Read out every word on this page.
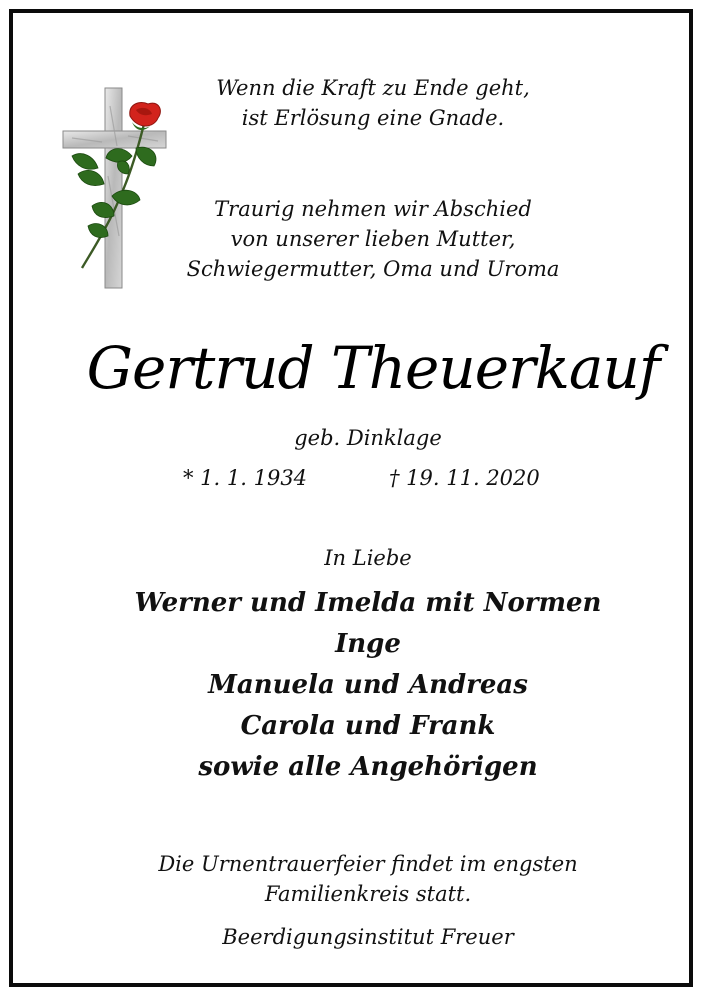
Wenn die Kraft zu Ende geht,
ist Erlösung eine Gnade.
Traurig nehmen wir Abschied
von unserer lieben Mutter,
Schwiegermutter, Oma und Uroma
Gertrud Theuerkauf
geb. Dinklage
* 1. 1. 1934	† 19. 11. 2020
In Liebe
Werner und Imelda mit Normen
Inge
Manuela und Andreas
Carola und Frank
sowie alle Angehörigen
Die Urnentrauerfeier findet im engsten
Familienkreis statt.
Beerdigungsinstitut Freuer
